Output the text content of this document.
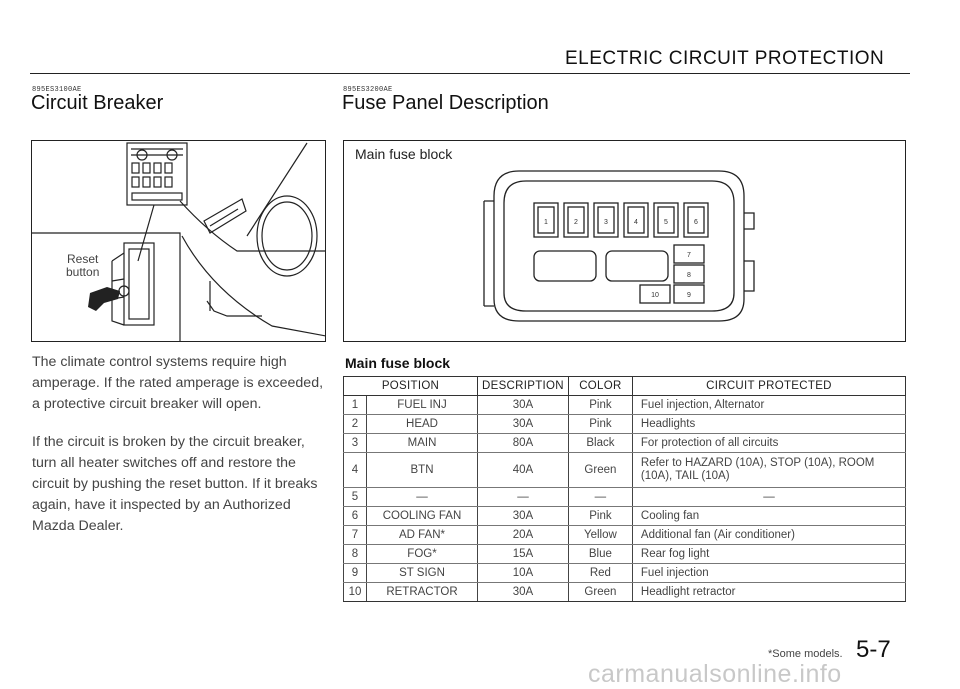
ELECTRIC CIRCUIT PROTECTION
895ES3100AE
Circuit Breaker
Reset
button

The climate control systems require high amperage. If the rated amperage is exceeded, a protective circuit breaker will open.

If the circuit is broken by the circuit breaker, turn all heater switches off and restore the circuit by pushing the reset button. If it breaks again, have it inspected by an Authorized Mazda Dealer.

895ES3200AE
Fuse Panel Description
Main fuse block
1	2	3	4	5	6
7
8
9
10
Main fuse block
POSITION		DESCRIPTION	COLOR	CIRCUIT PROTECTED
1	FUEL INJ	30A	Pink	Fuel injection, Alternator
2	HEAD	30A	Pink	Headlights
3	MAIN	80A	Black	For protection of all circuits
4	BTN	40A	Green	Refer to HAZARD (10A), STOP (10A), ROOM (10A), TAIL (10A)
5	—	—	—	—
6	COOLING FAN	30A	Pink	Cooling fan
7	AD FAN*	20A	Yellow	Additional fan (Air conditioner)
8	FOG*	15A	Blue	Rear fog light
9	ST SIGN	10A	Red	Fuel injection
10	RETRACTOR	30A	Green	Headlight retractor
*Some models. 5-7
carmanualsonline.info
